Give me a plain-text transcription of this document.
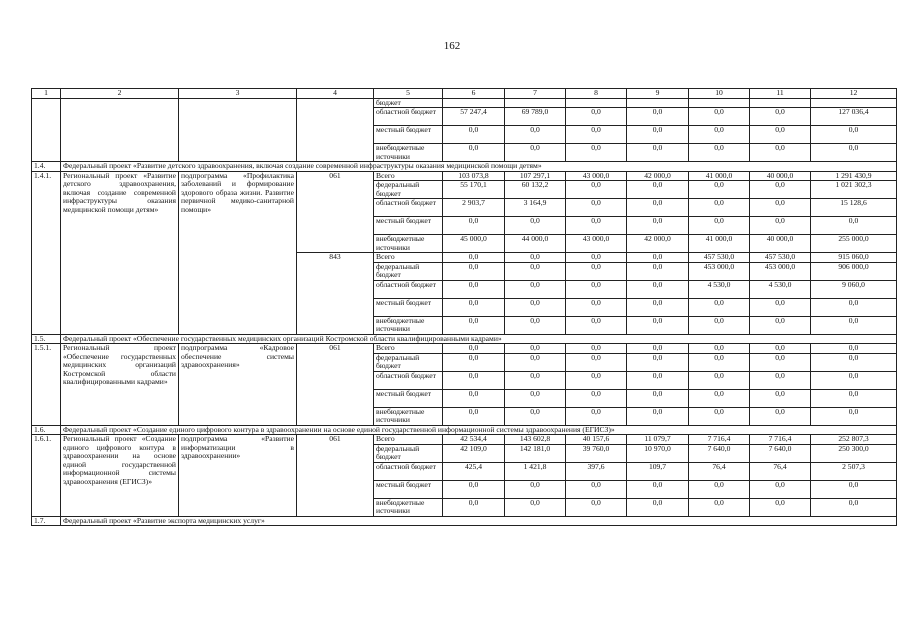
162
1	2	3	4	5	6	7	8	9	10	11	12
				бюджет							
				областной бюджет	57 247,4	69 789,0	0,0	0,0	0,0	0,0	127 036,4
				местный бюджет	0,0	0,0	0,0	0,0	0,0	0,0	0,0
				внебюджетные источники	0,0	0,0	0,0	0,0	0,0	0,0	0,0
1.4.	Федеральный проект «Развитие детского здравоохранения, включая создание современной инфраструктуры оказания медицинской помощи детям»										
1.4.1.	Региональный проект «Развитие детского здравоохранения, включая создание современной инфраструктуры оказания медицинской помощи детям»	подпрограмма «Профилактика заболеваний и формирование здорового образа жизни. Развитие первичной медико-санитарной помощи»	061	Всего	103 073,8	107 297,1	43 000,0	42 000,0	41 000,0	40 000,0	1 291 430,9
				федеральный бюджет	55 170,1	60 132,2	0,0	0,0	0,0	0,0	1 021 302,3
				областной бюджет	2 903,7	3 164,9	0,0	0,0	0,0	0,0	15 128,6
				местный бюджет	0,0	0,0	0,0	0,0	0,0	0,0	0,0
				внебюджетные источники	45 000,0	44 000,0	43 000,0	42 000,0	41 000,0	40 000,0	255 000,0
			843	Всего	0,0	0,0	0,0	0,0	457 530,0	457 530,0	915 060,0
				федеральный бюджет	0,0	0,0	0,0	0,0	453 000,0	453 000,0	906 000,0
				областной бюджет	0,0	0,0	0,0	0,0	4 530,0	4 530,0	9 060,0
				местный бюджет	0,0	0,0	0,0	0,0	0,0	0,0	0,0
				внебюджетные источники	0,0	0,0	0,0	0,0	0,0	0,0	0,0
1.5.	Федеральный проект «Обеспечение государственных медицинских организаций Костромской области квалифицированными кадрами»										
1.5.1.	Региональный проект «Обеспечение государственных медицинских организаций Костромской области квалифицированными кадрами»	подпрограмма «Кадровое обеспечение системы здравоохранения»	061	Всего	0,0	0,0	0,0	0,0	0,0	0,0	0,0
				федеральный бюджет	0,0	0,0	0,0	0,0	0,0	0,0	0,0
				областной бюджет	0,0	0,0	0,0	0,0	0,0	0,0	0,0
				местный бюджет	0,0	0,0	0,0	0,0	0,0	0,0	0,0
				внебюджетные источники	0,0	0,0	0,0	0,0	0,0	0,0	0,0
1.6.	Федеральный проект «Создание единого цифрового контура в здравоохранении на основе единой государственной информационной системы здравоохранения (ЕГИСЗ)»										
1.6.1.	Региональный проект «Создание единого цифрового контура в здравоохранении на основе единой государственной информационной системы здравоохранения (ЕГИСЗ)»	подпрограмма «Развитие информатизации в здравоохранении»	061	Всего	42 534,4	143 602,8	40 157,6	11 079,7	7 716,4	7 716,4	252 807,3
				федеральный бюджет	42 109,0	142 181,0	39 760,0	10 970,0	7 640,0	7 640,0	250 300,0
				областной бюджет	425,4	1 421,8	397,6	109,7	76,4	76,4	2 507,3
				местный бюджет	0,0	0,0	0,0	0,0	0,0	0,0	0,0
				внебюджетные источники	0,0	0,0	0,0	0,0	0,0	0,0	0,0
1.7.	Федеральный проект «Развитие экспорта медицинских услуг»										
